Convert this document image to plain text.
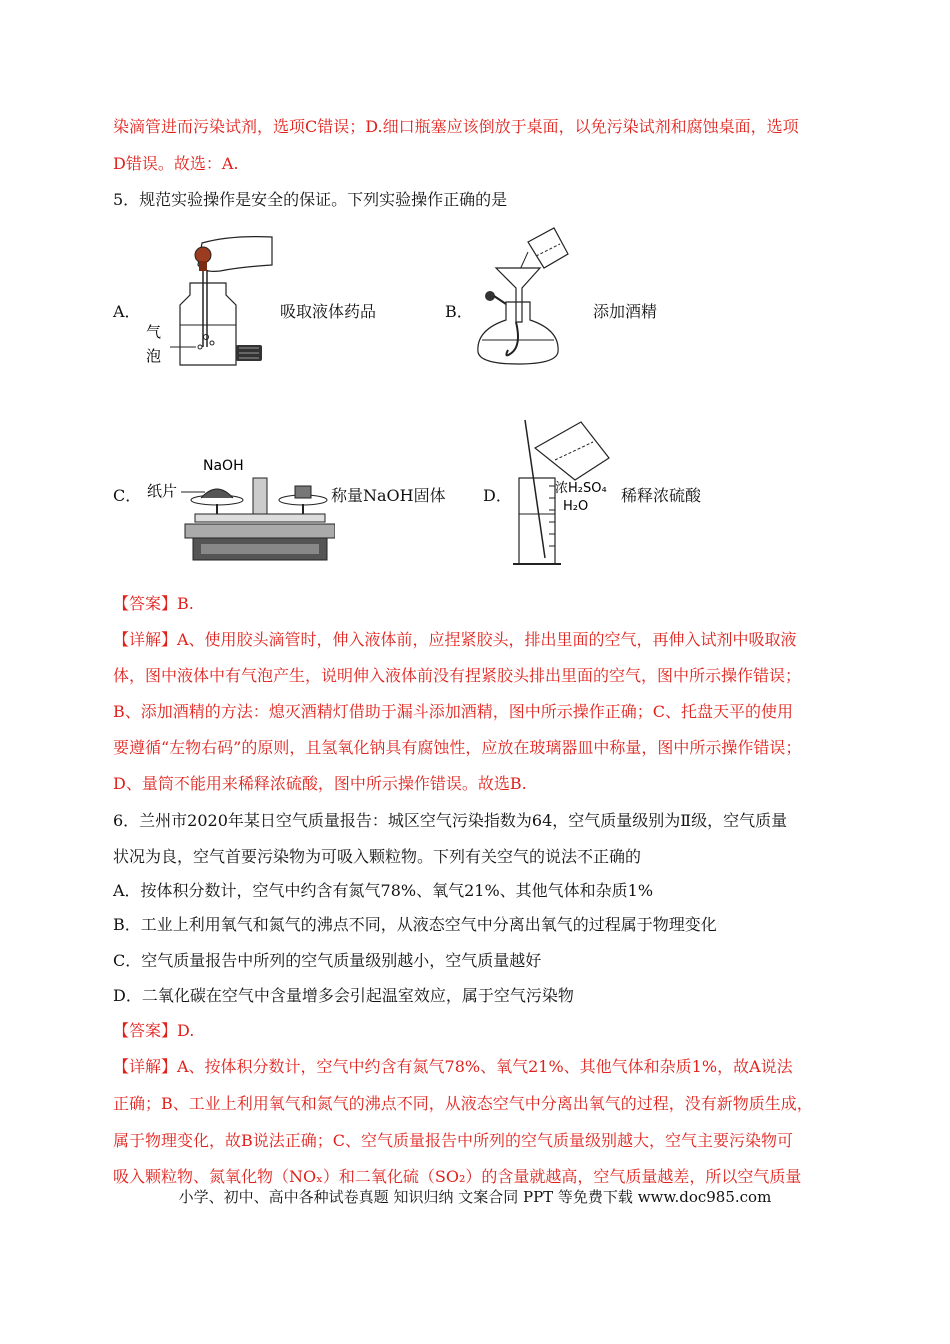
染滴管进而污染试剂，选项C错误；D.细口瓶塞应该倒放于桌面，以免污染试剂和腐蚀桌面，选项
D错误。故选：A.
5．规范实验操作是安全的保证。下列实验操作正确的是
A．
气
泡
吸取液体药品	B．	添加酒精
C．
NaOH
纸片	称量NaOH固体 D．	浓H₂SO₄
H₂O
稀释浓硫酸
【答案】B.
【详解】A、使用胶头滴管时，伸入液体前，应捏紧胶头，排出里面的空气，再伸入试剂中吸取液
体，图中液体中有气泡产生，说明伸入液体前没有捏紧胶头排出里面的空气，图中所示操作错误；
B、添加酒精的方法：熄灭酒精灯借助于漏斗添加酒精，图中所示操作正确；C、托盘天平的使用
要遵循“左物右码”的原则，且氢氧化钠具有腐蚀性，应放在玻璃器皿中称量，图中所示操作错误；
D、量筒不能用来稀释浓硫酸，图中所示操作错误。故选B.
6．兰州市2020年某日空气质量报告：城区空气污染指数为64，空气质量级别为Ⅱ级，空气质量
状况为良，空气首要污染物为可吸入颗粒物。下列有关空气的说法不正确的
A．按体积分数计，空气中约含有氮气78%、氧气21%、其他气体和杂质1%
B．工业上利用氧气和氮气的沸点不同，从液态空气中分离出氧气的过程属于物理变化
C．空气质量报告中所列的空气质量级别越小，空气质量越好
D．二氧化碳在空气中含量增多会引起温室效应，属于空气污染物
【答案】D.
【详解】A、按体积分数计，空气中约含有氮气78%、氧气21%、其他气体和杂质1%，故A说法
正确；B、工业上利用氧气和氮气的沸点不同，从液态空气中分离出氧气的过程，没有新物质生成，
属于物理变化，故B说法正确；C、空气质量报告中所列的空气质量级别越大，空气主要污染物可
吸入颗粒物、氮氧化物（NOₓ）和二氧化硫（SO₂）的含量就越高，空气质量越差，所以空气质量
小学、初中、高中各种试卷真题 知识归纳 文案合同 PPT 等免费下载 www.doc985.com
